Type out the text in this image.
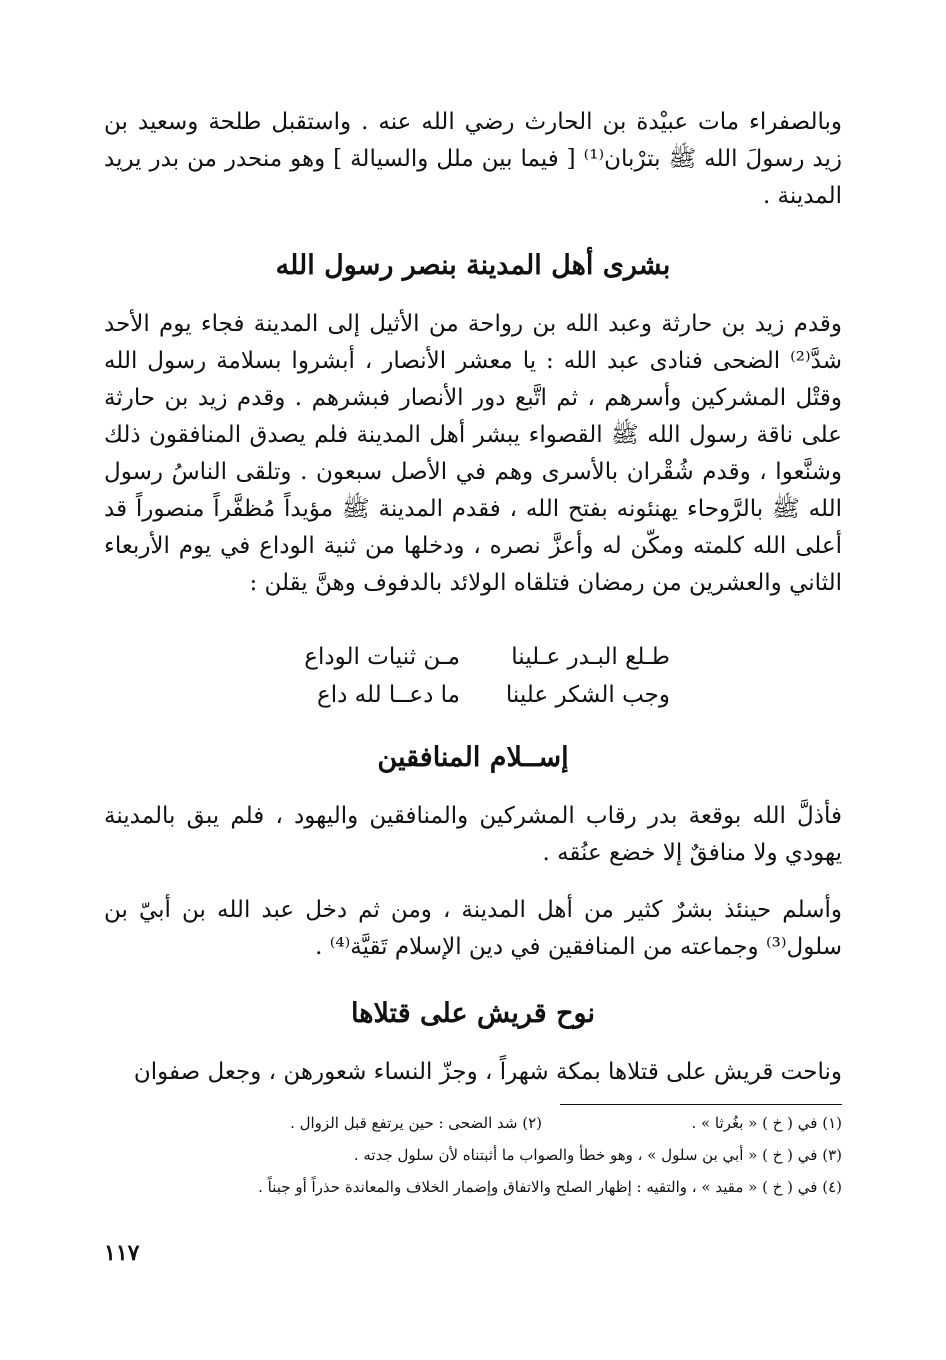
وبالصفراء مات عبيْدة بن الحارث رضي الله عنه . واستقبل طلحة وسعيد بن زيد رسولَ الله ﷺ بترْبان⁽¹⁾ [ فيما بين ملل والسيالة ] وهو منحدر من بدر يريد المدينة .

بشرى أهل المدينة بنصر رسول الله

وقدم زيد بن حارثة وعبد الله بن رواحة من الأثيل إلى المدينة فجاء يوم الأحد شدَّ⁽²⁾ الضحى فنادى عبد الله : يا معشر الأنصار ، أبشروا بسلامة رسول الله وقتْل المشركين وأسرهم ، ثم اتَّبع دور الأنصار فبشرهم . وقدم زيد بن حارثة على ناقة رسول الله ﷺ القصواء يبشر أهل المدينة فلم يصدق المنافقون ذلك وشنَّعوا ، وقدم شُقْران بالأسرى وهم في الأصل سبعون . وتلقى الناسُ رسول الله ﷺ بالرَّوحاء يهنئونه بفتح الله ، فقدم المدينة ﷺ مؤيداً مُظفَّراً منصوراً قد أعلى الله كلمته ومكّن له وأعزَّ نصره ، ودخلها من ثنية الوداع في يوم الأربعاء الثاني والعشرين من رمضان فتلقاه الولائد بالدفوف وهنَّ يقلن :

طـلع البـدر عـلينا
مـن ثنيات الوداع
وجب الشكر علينا
ما دعــا لله داع
إســلام المنافقين

فأذلَّ الله بوقعة بدر رقاب المشركين والمنافقين واليهود ، فلم يبق بالمدينة يهودي ولا منافقٌ إلا خضع عنُقه .

وأسلم حينئذ بشرٌ كثير من أهل المدينة ، ومن ثم دخل عبد الله بن أبيّ بن سلول⁽³⁾ وجماعته من المنافقين في دين الإسلام تَقيَّة⁽⁴⁾ .

نوح قريش على قتلاها

وناحت قريش على قتلاها بمكة شهراً ، وجزّ النساء شعورهن ، وجعل صفوان

(١) في ( خ ) « بغُرثا » .
(٢) شد الضحى : حين يرتفع قبل الزوال .
(٣) في ( خ ) « أبي بن سلول » ، وهو خطأ والصواب ما أثبتناه لأن سلول جدته .
(٤) في ( خ ) « مقيد » ، والتقيه : إظهار الصلح والاتفاق وإضمار الخلاف والمعاندة حذراً أو جبناً .
١١٧
